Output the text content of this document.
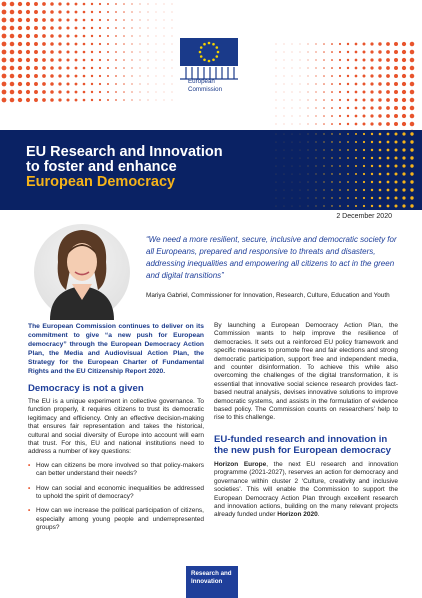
European
Commission
EU Research and Innovation
to foster and enhance
European Democracy
2 December 2020
“We need a more resilient, secure, inclusive and democratic society for all Europeans, prepared and responsive to threats and disasters, addressing inequalities and empowering all citizens to act in the green and digital transitions”
Mariya Gabriel, Commissioner for Innovation, Research, Culture, Education and Youth

The European Commission continues to deliver on its commitment to give “a new push for European democracy” through the European Democracy Action Plan, the Media and Audiovisual Action Plan, the Strategy for the European Charter of Fundamental Rights and the EU Citizenship Report 2020.

Democracy is not a given

The EU is a unique experiment in collective governance. To function properly, it requires citizens to trust its democratic legitimacy and efficiency. Only an effective decision-making that ensures fair representation and takes the historical, cultural and social diversity of Europe into account will earn that trust. For this, EU and national institutions need to address a number of key questions:

• How can citizens be more involved so that policy-makers can better understand their needs?
• How can social and economic inequalities be addressed to uphold the spirit of democracy?
• How can we increase the political participation of citizens, especially among young people and underrepresented groups?

By launching a European Democracy Action Plan, the Commission wants to help improve the resilience of democracies. It sets out a reinforced EU policy framework and specific measures to promote free and fair elections and strong democratic participation, support free and independent media, and counter disinformation. To achieve this while also overcoming the challenges of the digital transformation, it is essential that innovative social science research provides fact-based neutral analysis, devises innovative solutions to improve democratic systems, and assists in the formulation of evidence based policy. The Commission counts on researchers’ help to rise to this challenge.

EU-funded research and innovation in the new push for European democracy

Horizon Europe, the next EU research and innovation programme (2021-2027), reserves an action for democracy and governance within cluster 2 ‘Culture, creativity and inclusive societies’. This will enable the Commission to support the European Democracy Action Plan through excellent research and innovation actions, building on the many relevant projects already funded under Horizon 2020.

Research and
Innovation
